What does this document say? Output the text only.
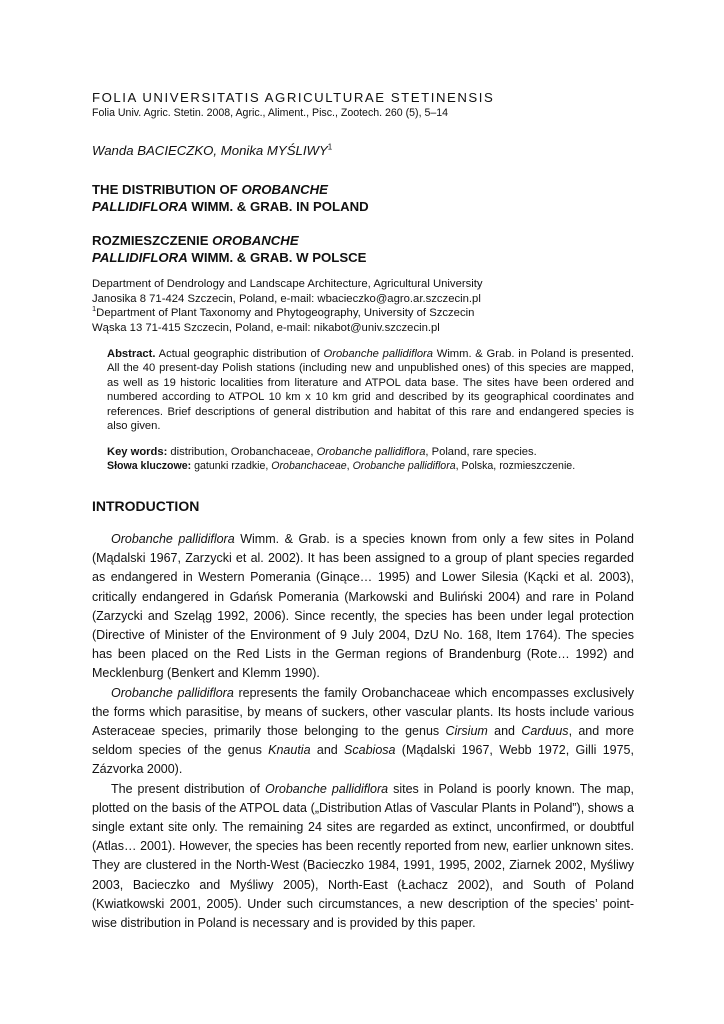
FOLIA UNIVERSITATIS AGRICULTURAE STETINENSIS
Folia Univ. Agric. Stetin. 2008, Agric., Aliment., Pisc., Zootech. 260 (5), 5–14
Wanda BACIECZKO, Monika MYŚLIWY$^1$
THE DISTRIBUTION OF OROBANCHE
PALLIDIFLORA WIMM. & GRAB. IN POLAND
ROZMIESZCZENIE OROBANCHE
PALLIDIFLORA WIMM. & GRAB. W POLSCE
Department of Dendrology and Landscape Architecture, Agricultural University
Janosika 8 71-424 Szczecin, Poland, e-mail: wbacieczko@agro.ar.szczecin.pl
$^1$Department of Plant Taxonomy and Phytogeography, University of Szczecin
Wąska 13 71-415 Szczecin, Poland, e-mail: nikabot@univ.szczecin.pl
Abstract. Actual geographic distribution of Orobanche pallidiflora Wimm. & Grab. in Poland is presented. All the 40 present-day Polish stations (including new and unpublished ones) of this species are mapped, as well as 19 historic localities from literature and ATPOL data base. The sites have been ordered and numbered according to ATPOL 10 km x 10 km grid and described by its geographical coordinates and references. Brief descriptions of general distribution and habitat of this rare and endangered species is also given.
Key words: distribution, Orobanchaceae, Orobanche pallidiflora, Poland, rare species.
Słowa kluczowe: gatunki rzadkie, Orobanchaceae, Orobanche pallidiflora, Polska, rozmieszczenie.
INTRODUCTION

Orobanche pallidiflora Wimm. & Grab. is a species known from only a few sites in Poland (Mądalski 1967, Zarzycki et al. 2002). It has been assigned to a group of plant species regarded as endangered in Western Pomerania (Ginące… 1995) and Lower Silesia (Kącki et al. 2003), critically endangered in Gdańsk Pomerania (Markowski and Buliński 2004) and rare in Poland (Zarzycki and Szeląg 1992, 2006). Since recently, the species has been under legal protection (Directive of Minister of the Environment of 9 July 2004, DzU No. 168, Item 1764). The species has been placed on the Red Lists in the German regions of Brandenburg (Rote… 1992) and Mecklenburg (Benkert and Klemm 1990).

Orobanche pallidiflora represents the family Orobanchaceae which encompasses exclusively the forms which parasitise, by means of suckers, other vascular plants. Its hosts include various Asteraceae species, primarily those belonging to the genus Cirsium and Carduus, and more seldom species of the genus Knautia and Scabiosa (Mądalski 1967, Webb 1972, Gilli 1975, Zázvorka 2000).

The present distribution of Orobanche pallidiflora sites in Poland is poorly known. The map, plotted on the basis of the ATPOL data („Distribution Atlas of Vascular Plants in Poland”), shows a single extant site only. The remaining 24 sites are regarded as extinct, unconfirmed, or doubtful (Atlas… 2001). However, the species has been recently reported from new, earlier unknown sites. They are clustered in the North-West (Bacieczko 1984, 1991, 1995, 2002, Ziarnek 2002, Myśliwy 2003, Bacieczko and Myśliwy 2005), North-East (Łachacz 2002), and South of Poland (Kwiatkowski 2001, 2005). Under such circumstances, a new description of the species’ point-wise distribution in Poland is necessary and is provided by this paper.
